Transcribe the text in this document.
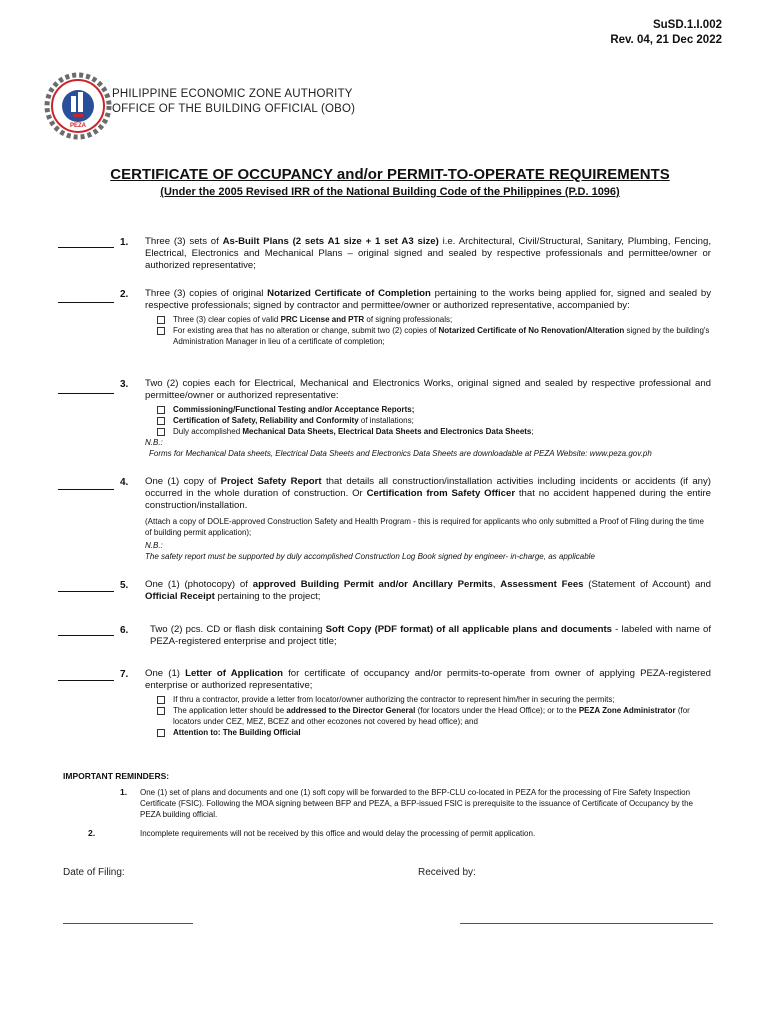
SuSD.1.I.002
Rev. 04, 21 Dec 2022
PEZA
PHILIPPINE ECONOMIC ZONE AUTHORITY
OFFICE OF THE BUILDING OFFICIAL (OBO)
CERTIFICATE OF OCCUPANCY and/or PERMIT-TO-OPERATE REQUIREMENTS
(Under the 2005 Revised IRR of the National Building Code of the Philippines (P.D. 1096)
1. Three (3) sets of As-Built Plans (2 sets A1 size + 1 set A3 size) i.e. Architectural, Civil/Structural, Sanitary, Plumbing, Fencing, Electrical, Electronics and Mechanical Plans – original signed and sealed by respective professionals and permittee/owner or authorized representative;
2. Three (3) copies of original Notarized Certificate of Completion pertaining to the works being applied for, signed and sealed by respective professionals; signed by contractor and permittee/owner or authorized representative, accompanied by:
Three (3) clear copies of valid PRC License and PTR of signing professionals;
For existing area that has no alteration or change, submit two (2) copies of Notarized Certificate of No Renovation/Alteration signed by the building's Administration Manager in lieu of a certificate of completion;
3. Two (2) copies each for Electrical, Mechanical and Electronics Works, original signed and sealed by respective professional and permittee/owner or authorized representative:
Commissioning/Functional Testing and/or Acceptance Reports;
Certification of Safety, Reliability and Conformity of installations;
Duly accomplished Mechanical Data Sheets, Electrical Data Sheets and Electronics Data Sheets;
N.B.:
Forms for Mechanical Data sheets, Electrical Data Sheets and Electronics Data Sheets are downloadable at PEZA Website: www.peza.gov.ph
4. One (1) copy of Project Safety Report that details all construction/installation activities including incidents or accidents (if any) occurred in the whole duration of construction. Or Certification from Safety Officer that no accident happened during the entire construction/installation.
(Attach a copy of DOLE-approved Construction Safety and Health Program - this is required for applicants who only submitted a Proof of Filing during the time of building permit application);
N.B.:
The safety report must be supported by duly accomplished Construction Log Book signed by engineer- in-charge, as applicable
5. One (1) (photocopy) of approved Building Permit and/or Ancillary Permits, Assessment Fees (Statement of Account) and Official Receipt pertaining to the project;
6. Two (2) pcs. CD or flash disk containing Soft Copy (PDF format) of all applicable plans and documents - labeled with name of PEZA-registered enterprise and project title;
7. One (1) Letter of Application for certificate of occupancy and/or permits-to-operate from owner of applying PEZA-registered enterprise or authorized representative;
If thru a contractor, provide a letter from locator/owner authorizing the contractor to represent him/her in securing the permits;
The application letter should be addressed to the Director General (for locators under the Head Office); or to the PEZA Zone Administrator (for locators under CEZ, MEZ, BCEZ and other ecozones not covered by head office); and
Attention to: The Building Official
IMPORTANT REMINDERS:
1. One (1) set of plans and documents and one (1) soft copy will be forwarded to the BFP-CLU co-located in PEZA for the processing of Fire Safety Inspection Certificate (FSIC). Following the MOA signing between BFP and PEZA, a BFP-issued FSIC is prerequisite to the issuance of Certificate of Occupancy by the PEZA building official.
2.	Incomplete requirements will not be received by this office and would delay the processing of permit application.
Date of Filing:	Received by:
